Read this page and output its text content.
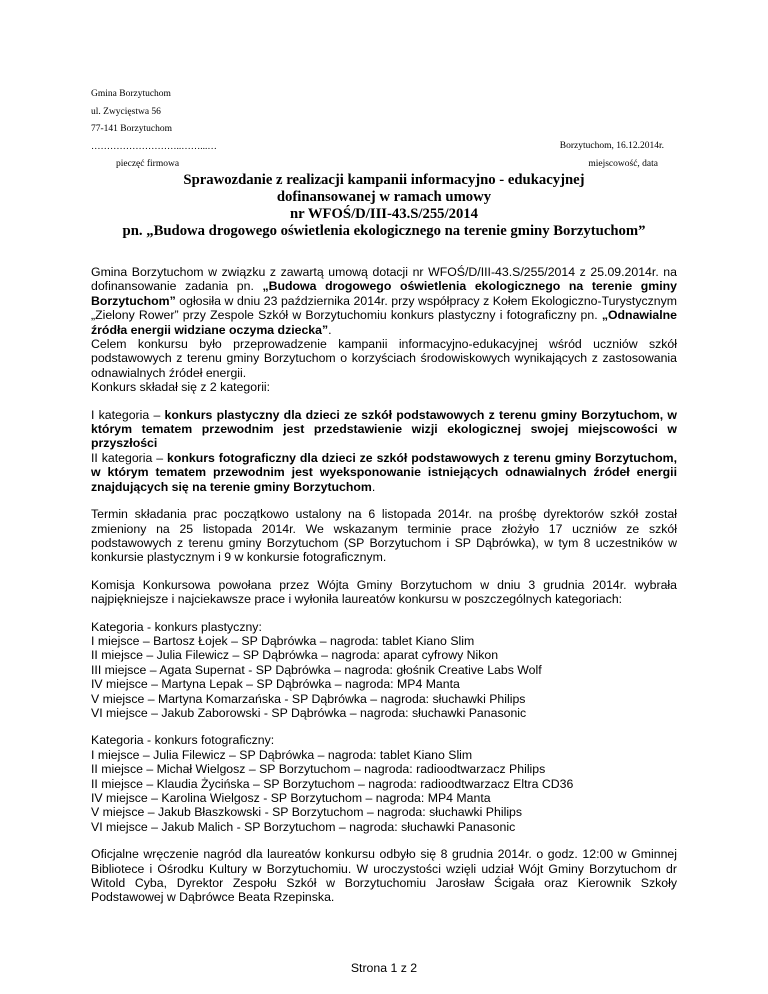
Gmina Borzytuchom
ul. Zwycięstwa 56
77-141 Borzytuchom
………………………..……...…
pieczęć firmowa
Borzytuchom, 16.12.2014r.
miejscowość, data
Sprawozdanie z realizacji kampanii informacyjno - edukacyjnej
dofinansowanej w ramach umowy
nr WFOŚ/D/III-43.S/255/2014
pn. „Budowa drogowego oświetlenia ekologicznego na terenie gminy Borzytuchom”

Gmina Borzytuchom w związku z zawartą umową dotacji nr WFOŚ/D/III-43.S/255/2014 z 25.09.2014r. na dofinansowanie zadania pn. „Budowa drogowego oświetlenia ekologicznego na terenie gminy Borzytuchom” ogłosiła w dniu 23 października 2014r. przy współpracy z Kołem Ekologiczno-Turystycznym „Zielony Rower” przy Zespole Szkół w Borzytuchomiu konkurs plastyczny i fotograficzny pn. „Odnawialne źródła energii widziane oczyma dziecka”.

Celem konkursu było przeprowadzenie kampanii informacyjno-edukacyjnej wśród uczniów szkół podstawowych z terenu gminy Borzytuchom o korzyściach środowiskowych wynikających z zastosowania odnawialnych źródeł energii.

Konkurs składał się z 2 kategorii:

I kategoria – konkurs plastyczny dla dzieci ze szkół podstawowych z terenu gminy Borzytuchom, w którym tematem przewodnim jest przedstawienie wizji ekologicznej swojej miejscowości w przyszłości

II kategoria – konkurs fotograficzny dla dzieci ze szkół podstawowych z terenu gminy Borzytuchom, w którym tematem przewodnim jest wyeksponowanie istniejących odnawialnych źródeł energii znajdujących się na terenie gminy Borzytuchom.

Termin składania prac początkowo ustalony na 6 listopada 2014r. na prośbę dyrektorów szkół został zmieniony na 25 listopada 2014r. We wskazanym terminie prace złożyło 17 uczniów ze szkół podstawowych z terenu gminy Borzytuchom (SP Borzytuchom i SP Dąbrówka), w tym 8 uczestników w konkursie plastycznym i 9 w konkursie fotograficznym.

Komisja Konkursowa powołana przez Wójta Gminy Borzytuchom w dniu 3 grudnia 2014r. wybrała najpiękniejsze i najciekawsze prace i wyłoniła laureatów konkursu w poszczególnych kategoriach:

Kategoria - konkurs plastyczny:
I miejsce – Bartosz Łojek – SP Dąbrówka – nagroda: tablet Kiano Slim
II miejsce – Julia Filewicz – SP Dąbrówka – nagroda: aparat cyfrowy Nikon
III miejsce – Agata Supernat - SP Dąbrówka – nagroda: głośnik Creative Labs Wolf
IV miejsce – Martyna Lepak – SP Dąbrówka – nagroda: MP4 Manta
V miejsce – Martyna Komarzańska - SP Dąbrówka – nagroda: słuchawki Philips
VI miejsce – Jakub Zaborowski - SP Dąbrówka – nagroda: słuchawki Panasonic

Kategoria - konkurs fotograficzny:
I miejsce – Julia Filewicz – SP Dąbrówka – nagroda: tablet Kiano Slim
II miejsce – Michał Wielgosz – SP Borzytuchom – nagroda: radioodtwarzacz Philips
II miejsce – Klaudia Życińska – SP Borzytuchom – nagroda: radioodtwarzacz Eltra CD36
IV miejsce – Karolina Wielgosz - SP Borzytuchom – nagroda: MP4 Manta
V miejsce – Jakub Błaszkowski - SP Borzytuchom – nagroda: słuchawki Philips
VI miejsce – Jakub Malich - SP Borzytuchom – nagroda: słuchawki Panasonic

Oficjalne wręczenie nagród dla laureatów konkursu odbyło się 8 grudnia 2014r. o godz. 12:00 w Gminnej Bibliotece i Ośrodku Kultury w Borzytuchomiu. W uroczystości wzięli udział Wójt Gminy Borzytuchom dr Witold Cyba, Dyrektor Zespołu Szkół w Borzytuchomiu Jarosław Ścigała oraz Kierownik Szkoły Podstawowej w Dąbrówce Beata Rzepinska.

Strona 1 z 2
